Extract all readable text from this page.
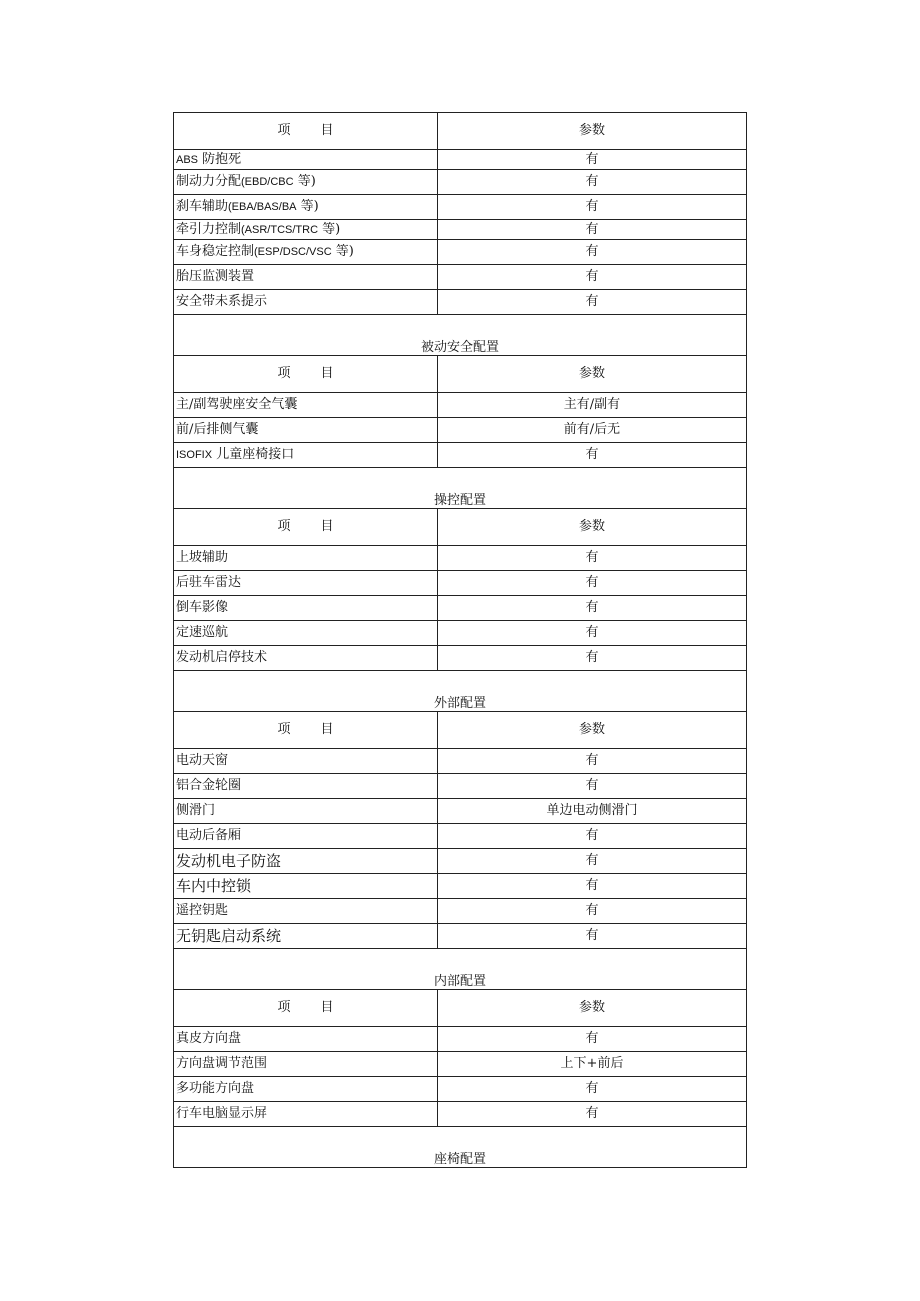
项 目	参数
ABS 防抱死	有
制动力分配(EBD/CBC 等)	有
刹车辅助(EBA/BAS/BA 等)	有
牵引力控制(ASR/TCS/TRC 等)	有
车身稳定控制(ESP/DSC/VSC 等)	有
胎压监测装置	有
安全带未系提示	有
被动安全配置	
项 目	参数
主/副驾驶座安全气囊	主有/副有
前/后排侧气囊	前有/后无
ISOFIX 儿童座椅接口	有
操控配置	
项 目	参数
上坡辅助	有
后驻车雷达	有
倒车影像	有
定速巡航	有
发动机启停技术	有
外部配置	
项 目	参数
电动天窗	有
铝合金轮圈	有
侧滑门	单边电动侧滑门
电动后备厢	有
发动机电子防盗	有
车内中控锁	有
遥控钥匙	有
无钥匙启动系统	有
内部配置	
项 目	参数
真皮方向盘	有
方向盘调节范围	上下+前后
多功能方向盘	有
行车电脑显示屏	有
座椅配置	
